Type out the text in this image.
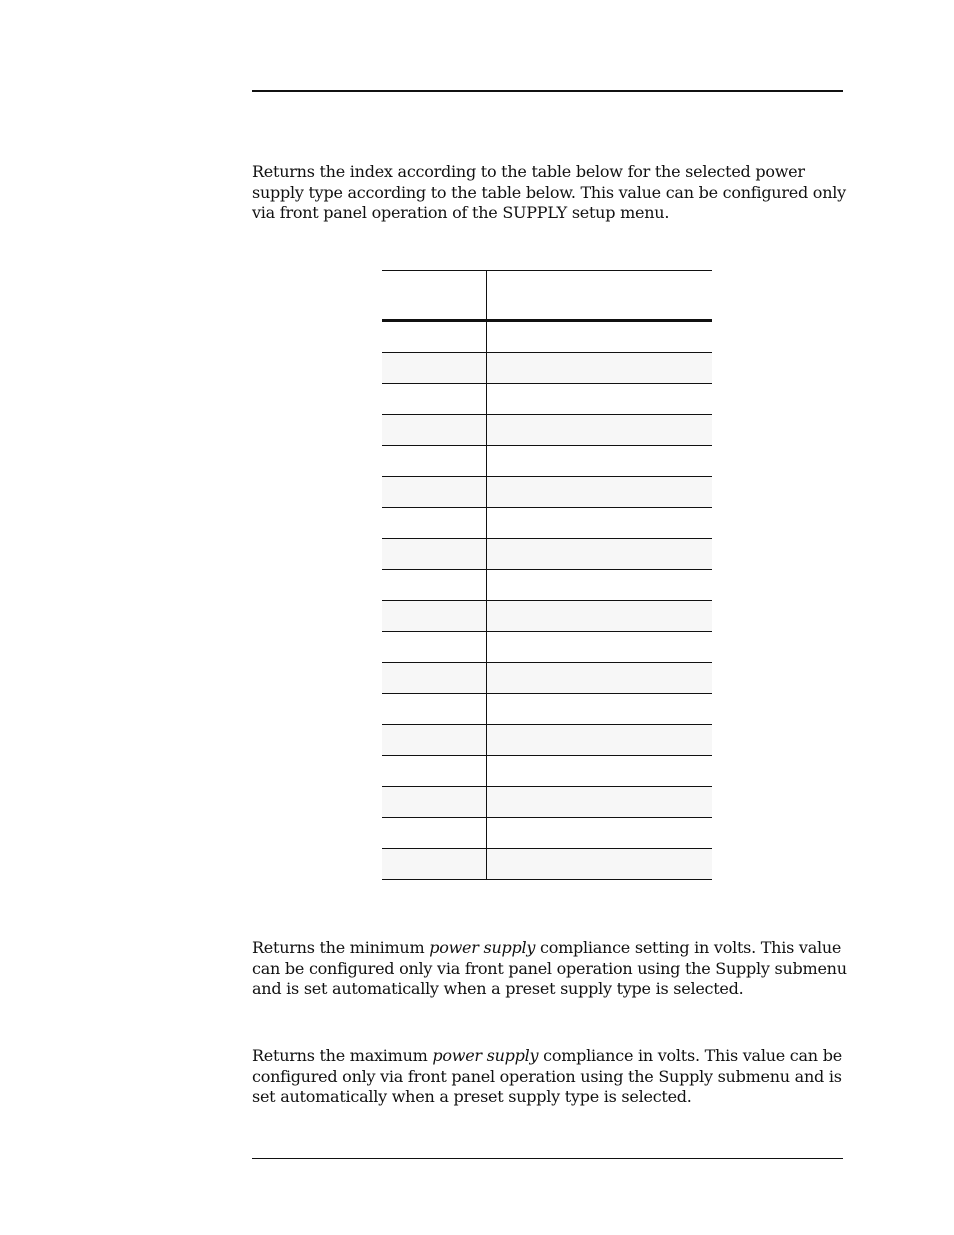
Returns the index according to the table below for the selected power supply type according to the table below. This value can be configured only via front panel operation of the SUPPLY setup menu.

Returns the minimum power supply compliance setting in volts. This value can be configured only via front panel operation using the Supply submenu and is set automatically when a preset supply type is selected.

Returns the maximum power supply compliance in volts. This value can be configured only via front panel operation using the Supply submenu and is set automatically when a preset supply type is selected.
